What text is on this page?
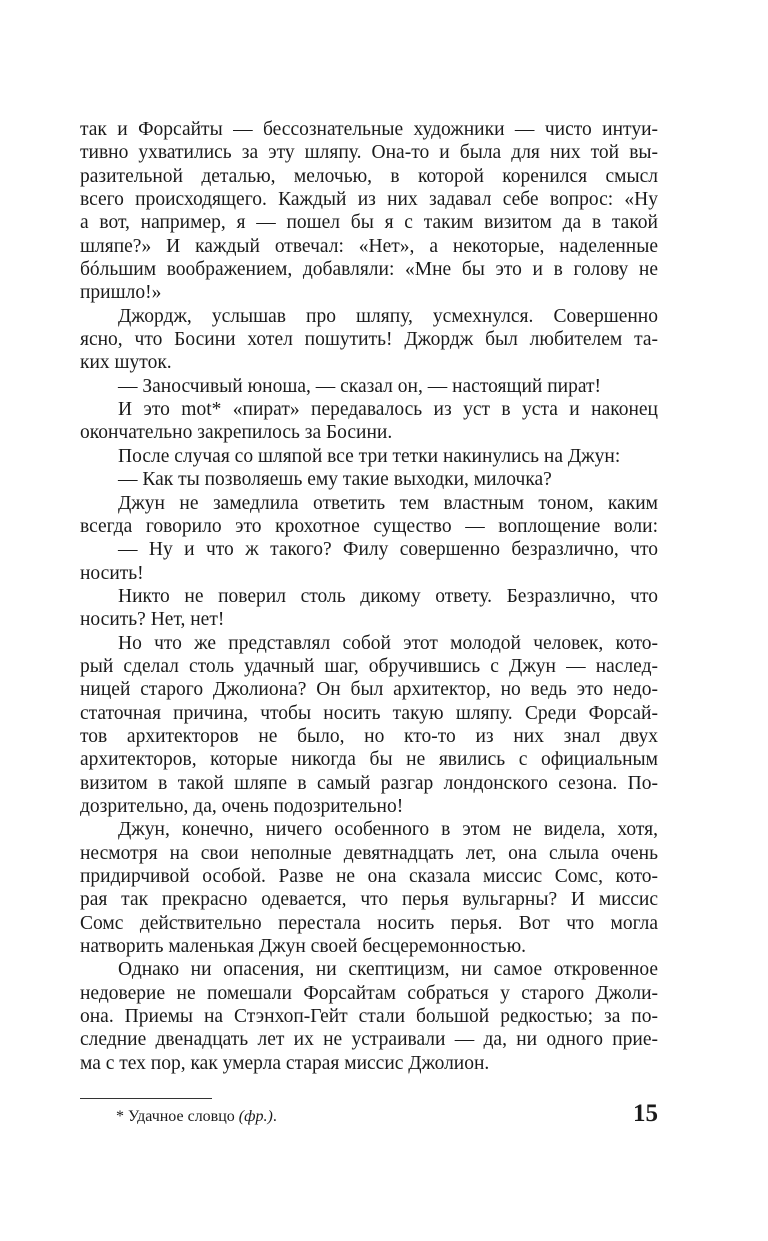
так и Форсайты — бессознательные художники — чисто интуи-
тивно ухватились за эту шляпу. Она-то и была для них той вы-
разительной деталью, мелочью, в которой коренился смысл
всего происходящего. Каждый из них задавал себе вопрос: «Ну
а вот, например, я — пошел бы я с таким визитом да в такой
шляпе?» И каждый отвечал: «Нет», а некоторые, наделенные
бóльшим воображением, добавляли: «Мне бы это и в голову не
пришло!»
Джордж, услышав про шляпу, усмехнулся. Совершенно
ясно, что Босини хотел пошутить! Джордж был любителем та-
ких шуток.
— Заносчивый юноша, — сказал он, — настоящий пират!
И это mot* «пират» передавалось из уст в уста и наконец
окончательно закрепилось за Босини.
После случая со шляпой все три тетки накинулись на Джун:
— Как ты позволяешь ему такие выходки, милочка?
Джун не замедлила ответить тем властным тоном, каким
всегда говорило это крохотное существо — воплощение воли:
— Ну и что ж такого? Филу совершенно безразлично, что
носить!
Никто не поверил столь дикому ответу. Безразлично, что
носить? Нет, нет!
Но что же представлял собой этот молодой человек, кото-
рый сделал столь удачный шаг, обручившись с Джун — наслед-
ницей старого Джолиона? Он был архитектор, но ведь это недо-
статочная причина, чтобы носить такую шляпу. Среди Форсай-
тов архитекторов не было, но кто-то из них знал двух
архитекторов, которые никогда бы не явились с официальным
визитом в такой шляпе в самый разгар лондонского сезона. По-
дозрительно, да, очень подозрительно!
Джун, конечно, ничего особенного в этом не видела, хотя,
несмотря на свои неполные девятнадцать лет, она слыла очень
придирчивой особой. Разве не она сказала миссис Сомс, кото-
рая так прекрасно одевается, что перья вульгарны? И миссис
Сомс действительно перестала носить перья. Вот что могла
натворить маленькая Джун своей бесцеремонностью.
Однако ни опасения, ни скептицизм, ни самое откровенное
недоверие не помешали Форсайтам собраться у старого Джоли-
она. Приемы на Стэнхоп-Гейт стали большой редкостью; за по-
следние двенадцать лет их не устраивали — да, ни одного прие-
ма с тех пор, как умерла старая миссис Джолион.
* Удачное словцо (фр.).	15
